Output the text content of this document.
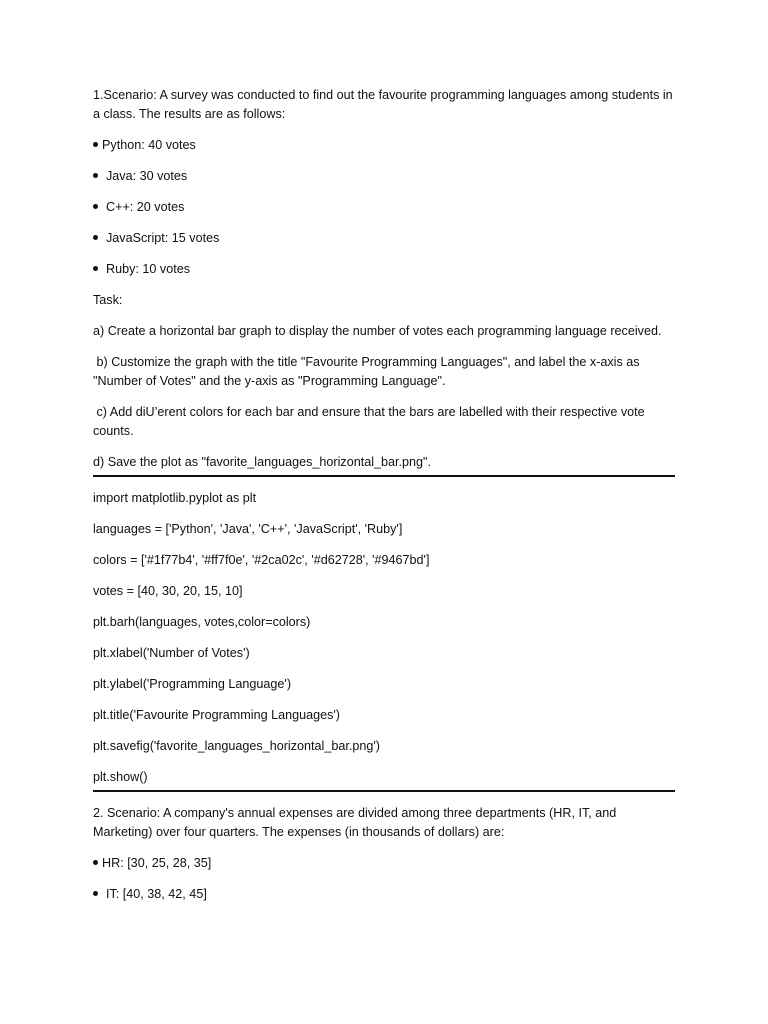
1.Scenario: A survey was conducted to find out the favourite programming languages among students in a class. The results are as follows:

Python: 40 votes
Java: 30 votes
C++: 20 votes
JavaScript: 15 votes
Ruby: 10 votes

Task:

a) Create a horizontal bar graph to display the number of votes each programming language received.

b) Customize the graph with the title "Favourite Programming Languages", and label the x-axis as "Number of Votes" and the y-axis as "Programming Language".

c) Add diU’erent colors for each bar and ensure that the bars are labelled with their respective vote counts.

d) Save the plot as "favorite_languages_horizontal_bar.png".

import matplotlib.pyplot as plt

languages = ['Python', 'Java', 'C++', 'JavaScript', 'Ruby']

colors = ['#1f77b4', '#ff7f0e', '#2ca02c', '#d62728', '#9467bd']

votes = [40, 30, 20, 15, 10]

plt.barh(languages, votes,color=colors)

plt.xlabel('Number of Votes')

plt.ylabel('Programming Language')

plt.title('Favourite Programming Languages')

plt.savefig('favorite_languages_horizontal_bar.png')

plt.show()

2. Scenario: A company's annual expenses are divided among three departments (HR, IT, and Marketing) over four quarters. The expenses (in thousands of dollars) are:

HR: [30, 25, 28, 35]
IT: [40, 38, 42, 45]
